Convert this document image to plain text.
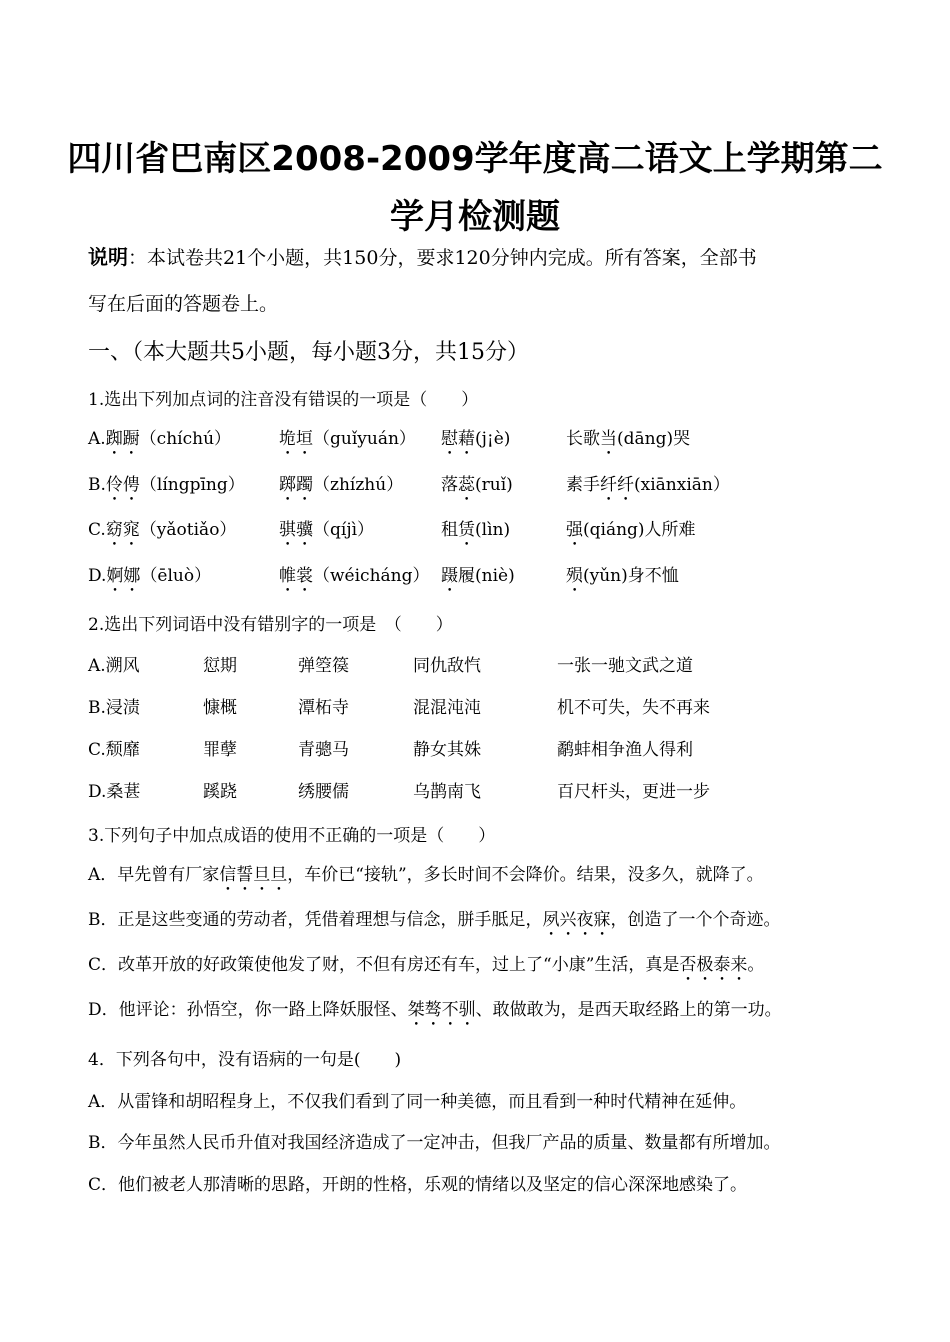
四川省巴南区2008-2009学年度高二语文上学期第二
学月检测题
说明：本试卷共21个小题，共150分，要求120分钟内完成。所有答案，全部书
写在后面的答题卷上。
一、（本大题共5小题，每小题3分，共15分）
1.选出下列加点词的注音没有错误的一项是（　　）
A.踟蹰（chíchú）	垝垣（guǐyuán） 慰藉(j¡è)	长歌当(dāng)哭
B.伶俜（língpīng） 踯躅（zhízhú） 落蕊(ruǐ)	素手纤纤(xiānxiān）
C.窈窕（yǎotiǎo）	骐骥（qíjì）	租赁(lìn)	强(qiáng)人所难
D.婀娜（ēluò）	帷裳（wéicháng） 蹑履(niè)	殒(yǔn)身不恤
2.选出下列词语中没有错别字的一项是　（　　）
A.溯风	愆期	弹箜篌	同仇敌忾	一张一驰文武之道
B.浸渍	慷概	潭柘寺	混混沌沌	机不可失，失不再来
C.颓靡	罪孽	青骢马	静女其姝	鹬蚌相争渔人得利
D.桑葚	蹊跷	绣腰儒	乌鹊南飞	百尺杆头，更进一步
3.下列句子中加点成语的使用不正确的一项是（　　）
A．早先曾有厂家信誓旦旦，车价已“接轨”，多长时间不会降价。结果，没多久，就降了。
B．正是这些变通的劳动者，凭借着理想与信念，胼手胝足，夙兴夜寐，创造了一个个奇迹。
C．改革开放的好政策使他发了财，不但有房还有车，过上了“小康”生活，真是否极泰来。
D．他评论：孙悟空，你一路上降妖服怪、桀骜不驯、敢做敢为，是西天取经路上的第一功。
4．下列各句中，没有语病的一句是(　　)
A．从雷锋和胡昭程身上，不仅我们看到了同一种美德，而且看到一种时代精神在延伸。
B．今年虽然人民币升值对我国经济造成了一定冲击，但我厂产品的质量、数量都有所增加。
C．他们被老人那清晰的思路，开朗的性格，乐观的情绪以及坚定的信心深深地感染了。
